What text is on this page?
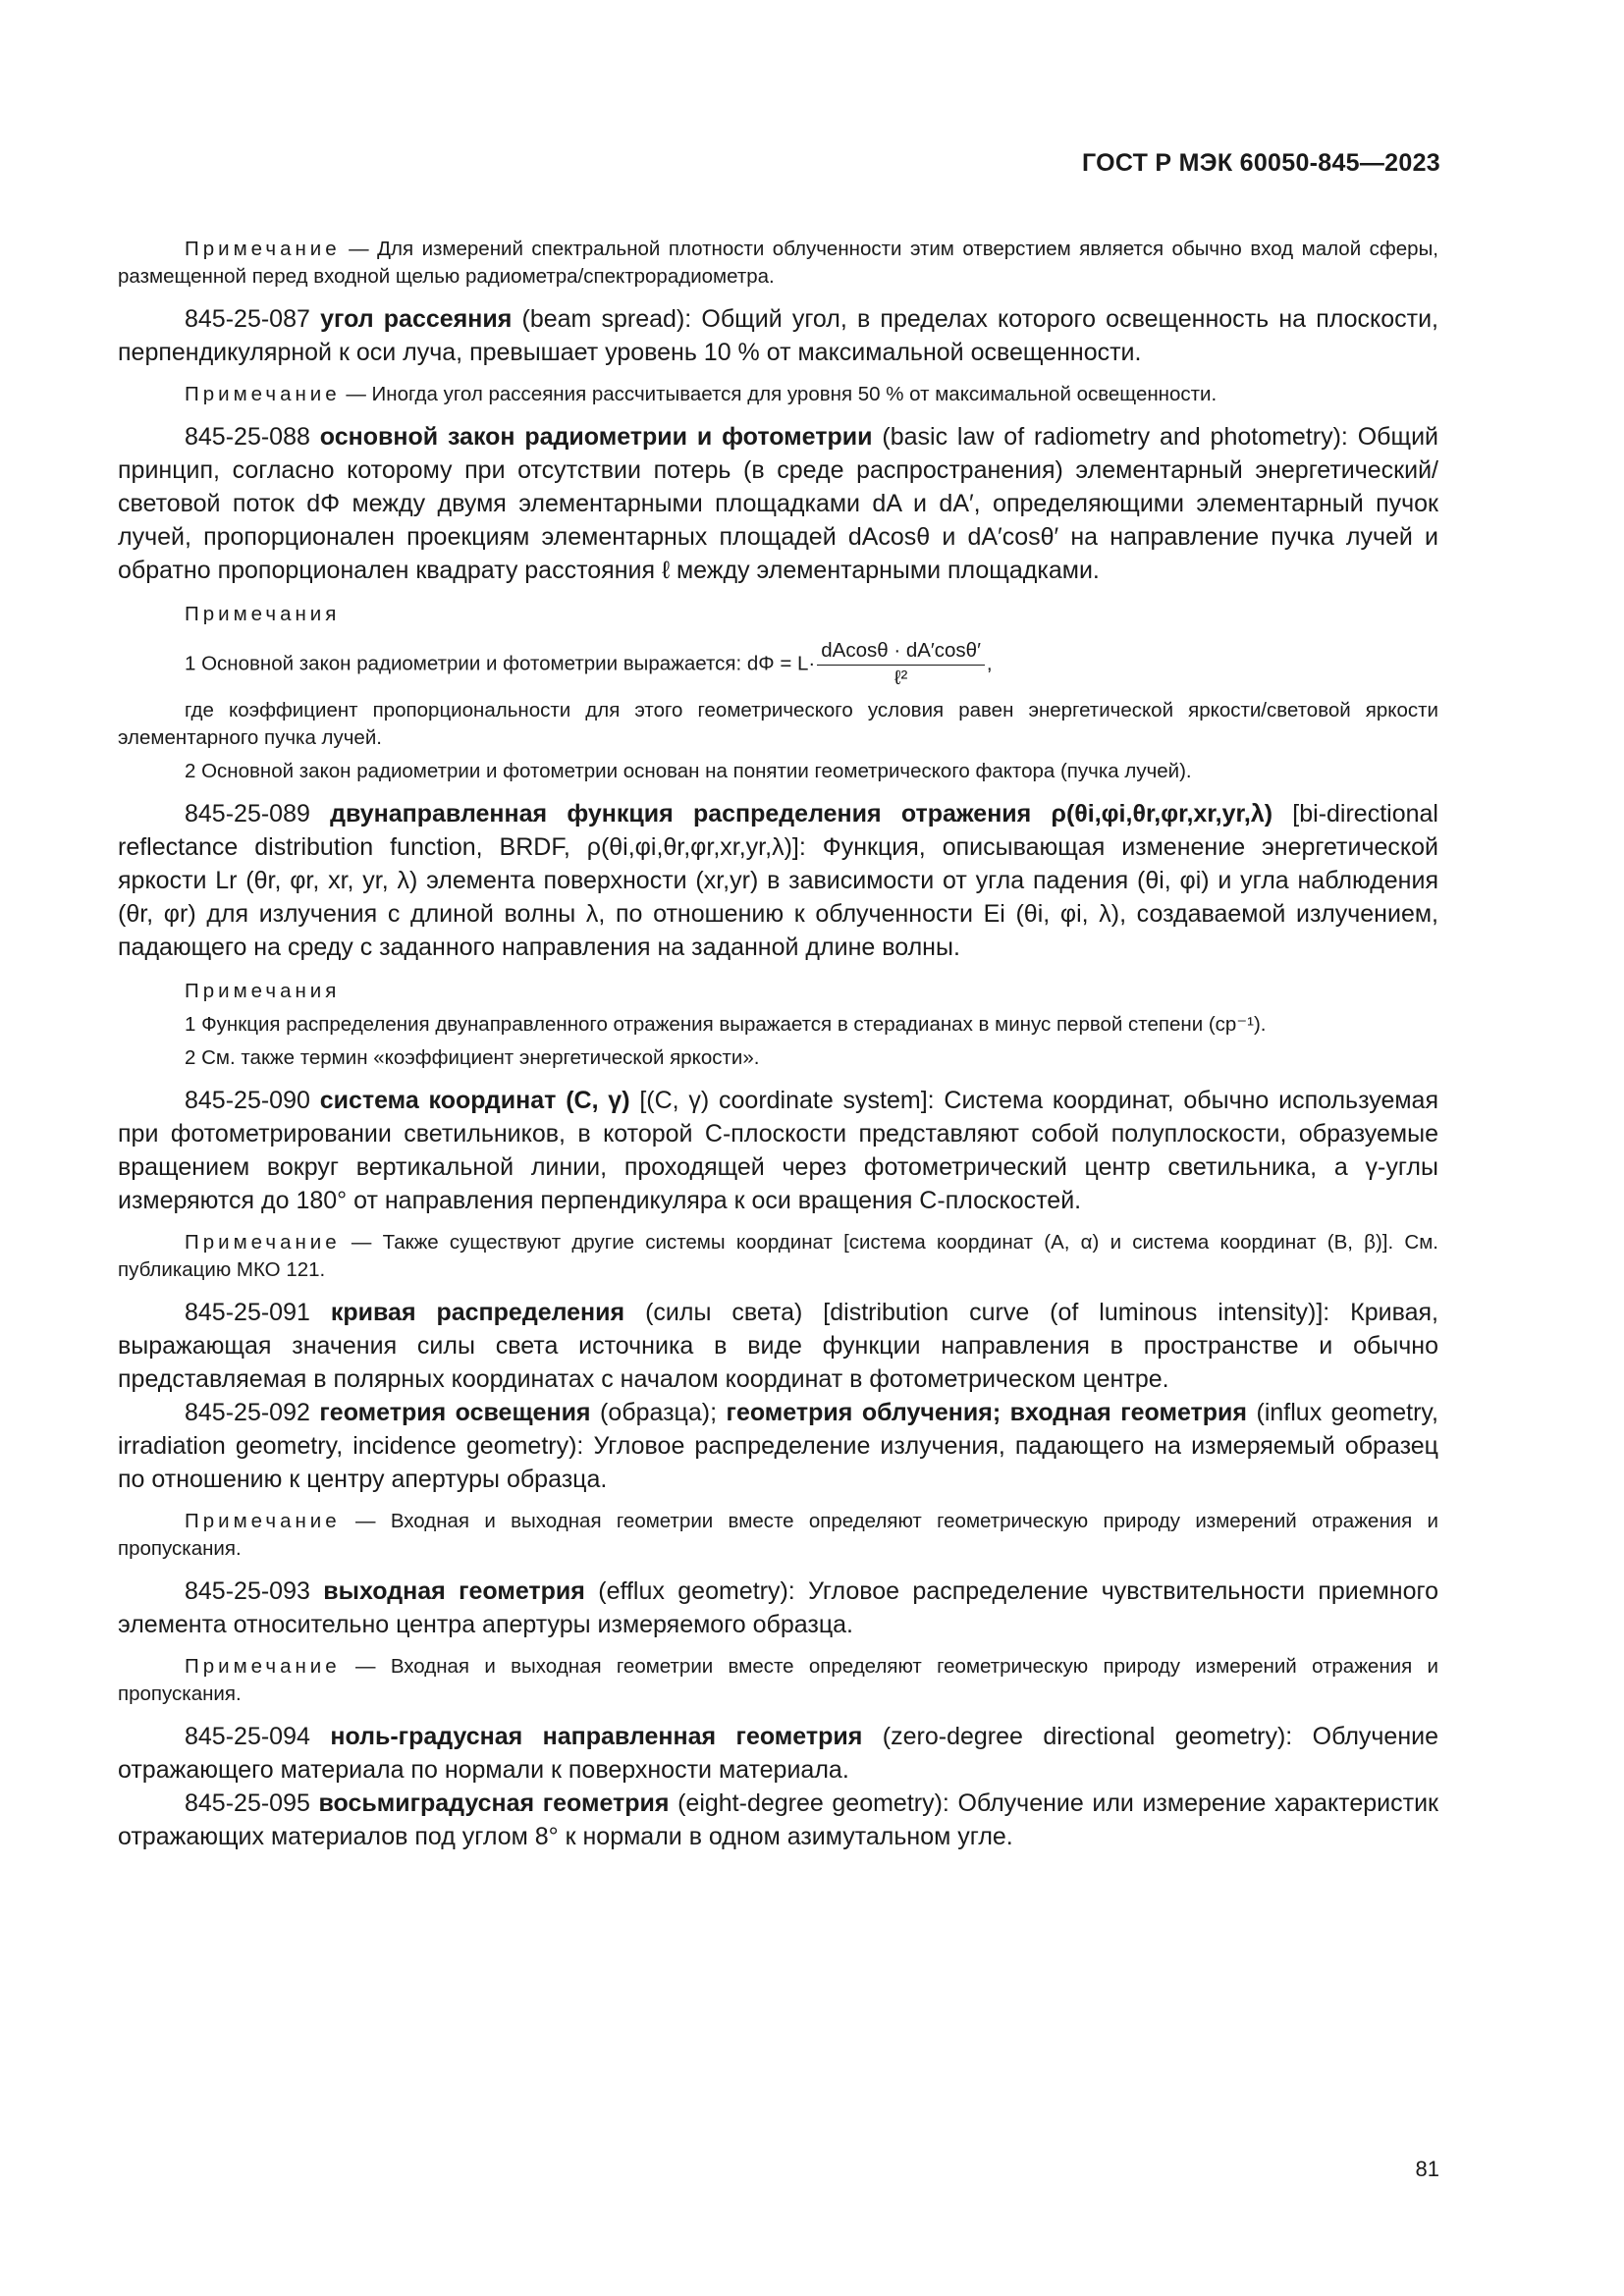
ГОСТ Р МЭК 60050-845—2023

Примечание — Для измерений спектральной плотности облученности этим отверстием является обычно вход малой сферы, размещенной перед входной щелью радиометра/спектрорадиометра.

845-25-087 угол рассеяния (beam spread): Общий угол, в пределах которого освещенность на плоскости, перпендикулярной к оси луча, превышает уровень 10 % от максимальной освещенности.

Примечание — Иногда угол рассеяния рассчитывается для уровня 50 % от максимальной освещенности.

845-25-088 основной закон радиометрии и фотометрии (basic law of radiometry and photometry): Общий принцип, согласно которому при отсутствии потерь (в среде распространения) элементарный энергетический/световой поток dΦ между двумя элементарными площадками dA и dA′, определяющими элементарный пучок лучей, пропорционален проекциям элементарных площадей dAcosθ и dA′cosθ′ на направление пучка лучей и обратно пропорционален квадрату расстояния ℓ между элементарными площадками.

Примечания

1 Основной закон радиометрии и фотометрии выражается: $d\Phi = L\cdot \frac{dAcos\theta \cdot dA'\cos\theta'}{\text{ℓ²}}$ ,

где коэффициент пропорциональности для этого геометрического условия равен энергетической яркости/световой яркости элементарного пучка лучей.

2 Основной закон радиометрии и фотометрии основан на понятии геометрического фактора (пучка лучей).

845-25-089 двунаправленная функция распределения отражения ρ(θi,φi,θr,φr,xr,yr,λ) [bi-directional reflectance distribution function, BRDF, ρ(θi,φi,θr,φr,xr,yr,λ)]: Функция, описывающая изменение энергетической яркости Lr (θr, φr, xr, yr, λ) элемента поверхности (xr,yr) в зависимости от угла падения (θi, φi) и угла наблюдения (θr, φr) для излучения с длиной волны λ, по отношению к облученности Ei (θi, φi, λ), создаваемой излучением, падающего на среду с заданного направления на заданной длине волны.

Примечания

1 Функция распределения двунаправленного отражения выражается в стерадианах в минус первой степени (ср⁻¹).

2 См. также термин «коэффициент энергетической яркости».

845-25-090 система координат (C, γ) [(C, γ) coordinate system]: Система координат, обычно используемая при фотометрировании светильников, в которой C-плоскости представляют собой полуплоскости, образуемые вращением вокруг вертикальной линии, проходящей через фотометрический центр светильника, а γ-углы измеряются до 180° от направления перпендикуляра к оси вращения C-плоскостей.

Примечание — Также существуют другие системы координат [система координат (A, α) и система координат (B, β)]. См. публикацию МКО 121.

845-25-091 кривая распределения (силы света) [distribution curve (of luminous intensity)]: Кривая, выражающая значения силы света источника в виде функции направления в пространстве и обычно представляемая в полярных координатах с началом координат в фотометрическом центре.

845-25-092 геометрия освещения (образца); геометрия облучения; входная геометрия (influx geometry, irradiation geometry, incidence geometry): Угловое распределение излучения, падающего на измеряемый образец по отношению к центру апертуры образца.

Примечание — Входная и выходная геометрии вместе определяют геометрическую природу измерений отражения и пропускания.

845-25-093 выходная геометрия (efflux geometry): Угловое распределение чувствительности приемного элемента относительно центра апертуры измеряемого образца.

Примечание — Входная и выходная геометрии вместе определяют геометрическую природу измерений отражения и пропускания.

845-25-094 ноль-градусная направленная геометрия (zero-degree directional geometry): Облучение отражающего материала по нормали к поверхности материала.

845-25-095 восьмиградусная геометрия (eight-degree geometry): Облучение или измерение характеристик отражающих материалов под углом 8° к нормали в одном азимутальном угле.

81
